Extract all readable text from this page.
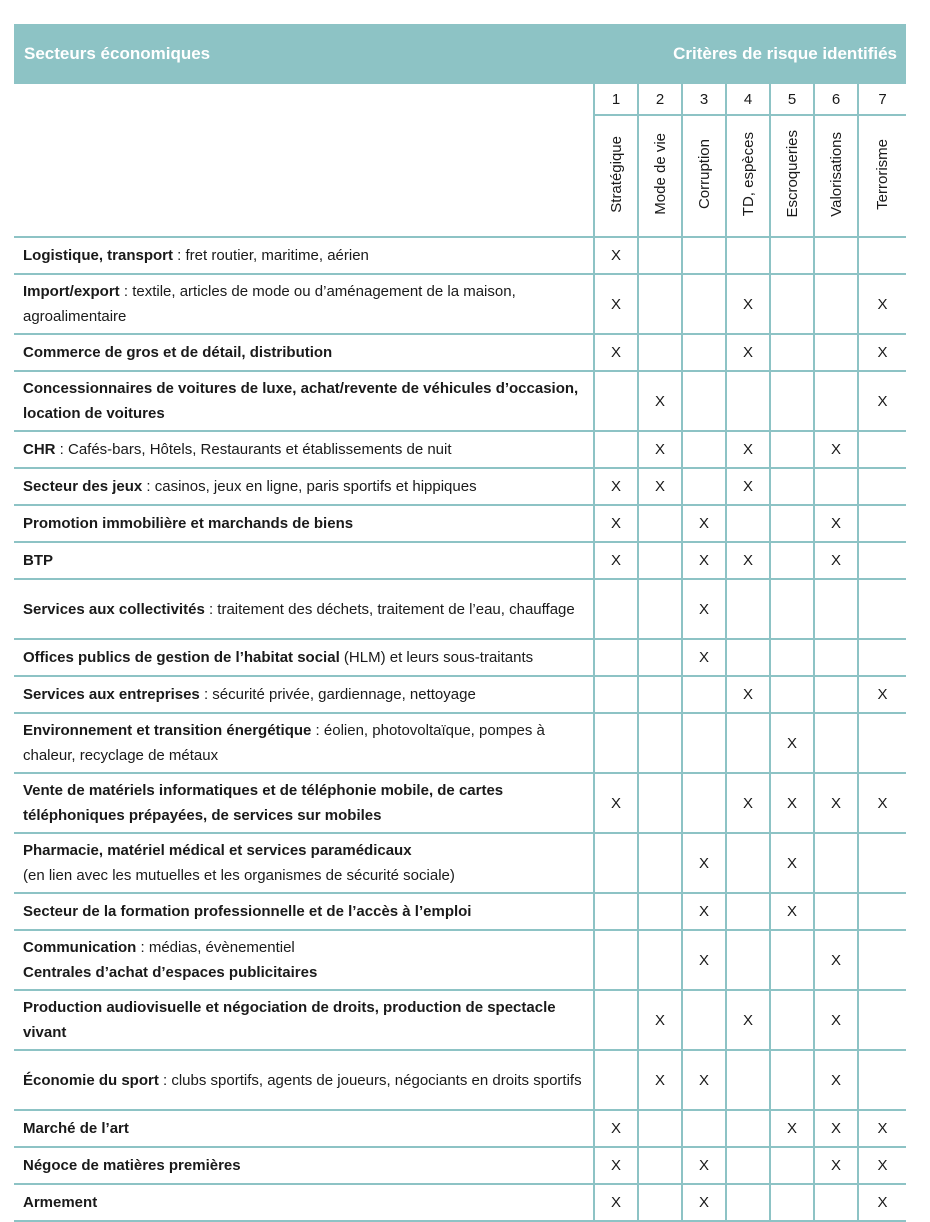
Secteurs économiques	Critères de risque identifiés
	1	2	3	4	5	6	7
	Stratégique	Mode de vie	Corruption	TD, espèces	Escroqueries	Valorisations	Terrorisme
Logistique, transport : fret routier, maritime, aérien	X						
Import/export : textile, articles de mode ou d’aménagement de la maison, agroalimentaire	X			X			X
Commerce de gros et de détail, distribution	X			X			X
Concessionnaires de voitures de luxe, achat/revente de véhicules d’occasion, location de voitures		X					X
CHR : Cafés-bars, Hôtels, Restaurants et établissements de nuit		X		X		X	
Secteur des jeux : casinos, jeux en ligne, paris sportifs et hippiques	X	X		X			
Promotion immobilière et marchands de biens	X		X			X	
BTP	X		X	X		X	
Services aux collectivités : traitement des déchets, traitement de l’eau, chauffage			X				
Offices publics de gestion de l’habitat social (HLM) et leurs sous-traitants			X				
Services aux entreprises : sécurité privée, gardiennage, nettoyage				X			X
Environnement et transition énergétique : éolien, photovoltaïque, pompes à chaleur, recyclage de métaux					X		
Vente de matériels informatiques et de téléphonie mobile, de cartes téléphoniques prépayées, de services sur mobiles	X			X	X	X	X
Pharmacie, matériel médical et services paramédicaux
(en lien avec les mutuelles et les organismes de sécurité sociale)			X		X		
Secteur de la formation professionnelle et de l’accès à l’emploi			X		X		
Communication : médias, évènementiel
Centrales d’achat d’espaces publicitaires			X			X	
Production audiovisuelle et négociation de droits, production de spectacle vivant		X		X		X	
Économie du sport : clubs sportifs, agents de joueurs, négociants en droits sportifs		X	X			X	
Marché de l’art	X				X	X	X
Négoce de matières premières	X		X			X	X
Armement	X		X				X
